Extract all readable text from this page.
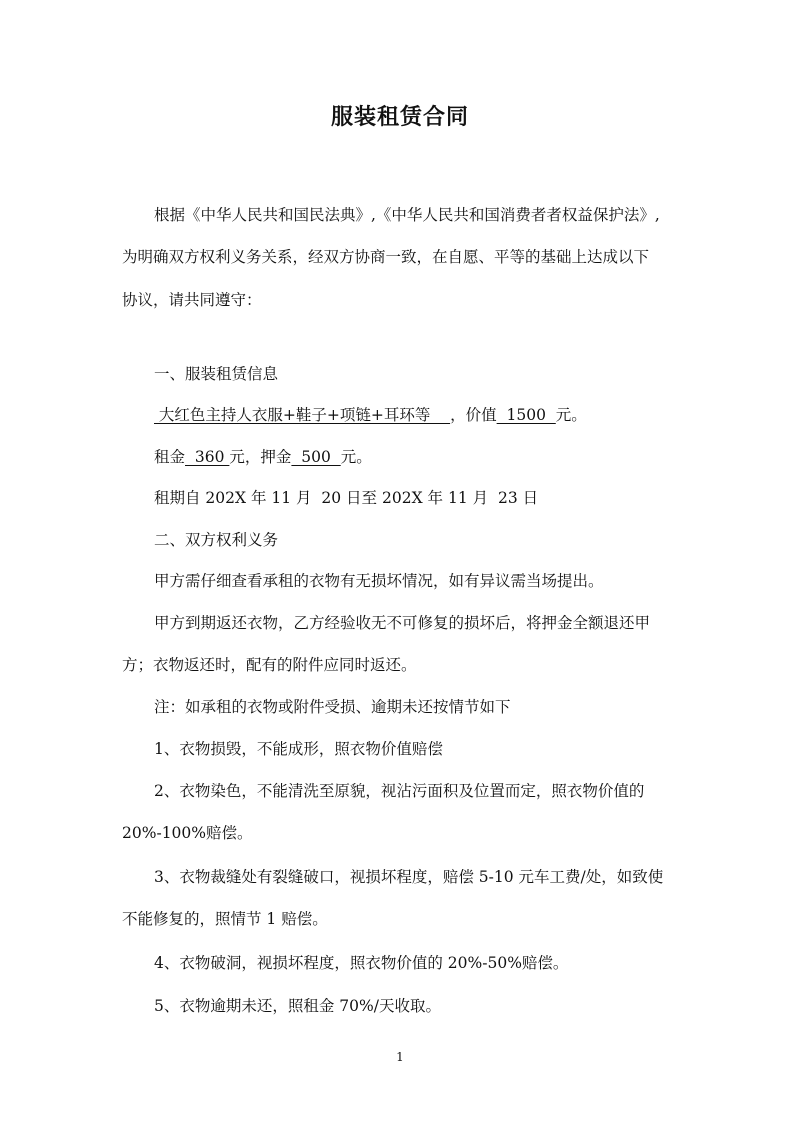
服装租赁合同
根据《中华人民共和国民法典》,《中华人民共和国消费者者权益保护法》,
为明确双方权利义务关系，经双方协商一致，在自愿、平等的基础上达成以下
协议，请共同遵守：
一、服装租赁信息
大红色主持人衣服+鞋子+项链+耳环等    ，价值  1500  元。
租金  360 元，押金  500  元。
租期自 202X 年 11 月  20 日至 202X 年 11 月  23 日
二、双方权利义务
甲方需仔细查看承租的衣物有无损坏情况，如有异议需当场提出。
甲方到期返还衣物，乙方经验收无不可修复的损坏后，将押金全额退还甲
方；衣物返还时，配有的附件应同时返还。
注：如承租的衣物或附件受损、逾期未还按情节如下
1、衣物损毁，不能成形，照衣物价值赔偿
2、衣物染色，不能清洗至原貌，视沾污面积及位置而定，照衣物价值的
20%-100%赔偿。
3、衣物裁缝处有裂缝破口，视损坏程度，赔偿 5-10 元车工费/处，如致使
不能修复的，照情节 1 赔偿。
4、衣物破洞，视损坏程度，照衣物价值的 20%-50%赔偿。
5、衣物逾期未还，照租金 70%/天收取。
1
